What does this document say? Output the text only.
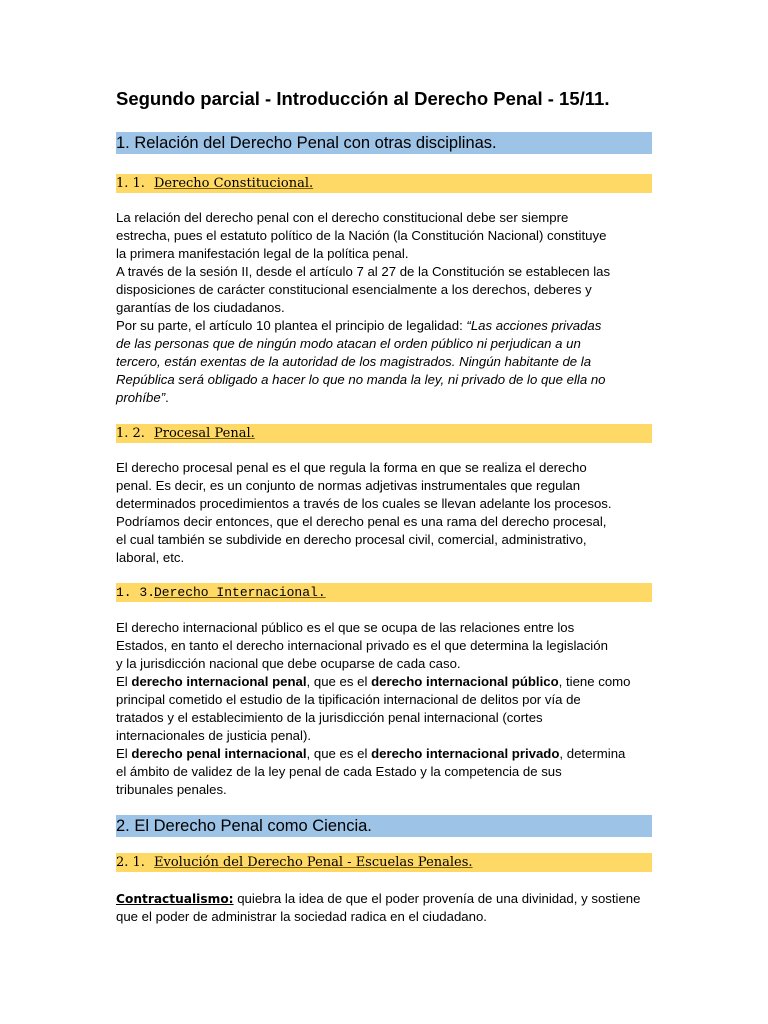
Segundo parcial - Introducción al Derecho Penal - 15/11.
1. Relación del Derecho Penal con otras disciplinas.
1. 1. Derecho Constitucional.
La relación del derecho penal con el derecho constitucional debe ser siempre
estrecha, pues el estatuto político de la Nación (la Constitución Nacional) constituye
la primera manifestación legal de la política penal.
A través de la sesión II, desde el artículo 7 al 27 de la Constitución se establecen las
disposiciones de carácter constitucional esencialmente a los derechos, deberes y
garantías de los ciudadanos.
Por su parte, el artículo 10 plantea el principio de legalidad: “Las acciones privadas
de las personas que de ningún modo atacan el orden público ni perjudican a un
tercero, están exentas de la autoridad de los magistrados. Ningún habitante de la
República será obligado a hacer lo que no manda la ley, ni privado de lo que ella no
prohíbe”.
1. 2. Procesal Penal.
El derecho procesal penal es el que regula la forma en que se realiza el derecho
penal. Es decir, es un conjunto de normas adjetivas instrumentales que regulan
determinados procedimientos a través de los cuales se llevan adelante los procesos.
Podríamos decir entonces, que el derecho penal es una rama del derecho procesal,
el cual también se subdivide en derecho procesal civil, comercial, administrativo,
laboral, etc.
1. 3.Derecho Internacional.
El derecho internacional público es el que se ocupa de las relaciones entre los
Estados, en tanto el derecho internacional privado es el que determina la legislación
y la jurisdicción nacional que debe ocuparse de cada caso.
El derecho internacional penal, que es el derecho internacional público, tiene como
principal cometido el estudio de la tipificación internacional de delitos por vía de
tratados y el establecimiento de la jurisdicción penal internacional (cortes
internacionales de justicia penal).
El derecho penal internacional, que es el derecho internacional privado, determina
el ámbito de validez de la ley penal de cada Estado y la competencia de sus
tribunales penales.
2. El Derecho Penal como Ciencia.
2. 1. Evolución del Derecho Penal - Escuelas Penales.
Contractualismo: quiebra la idea de que el poder provenía de una divinidad, y sostiene
que el poder de administrar la sociedad radica en el ciudadano.
